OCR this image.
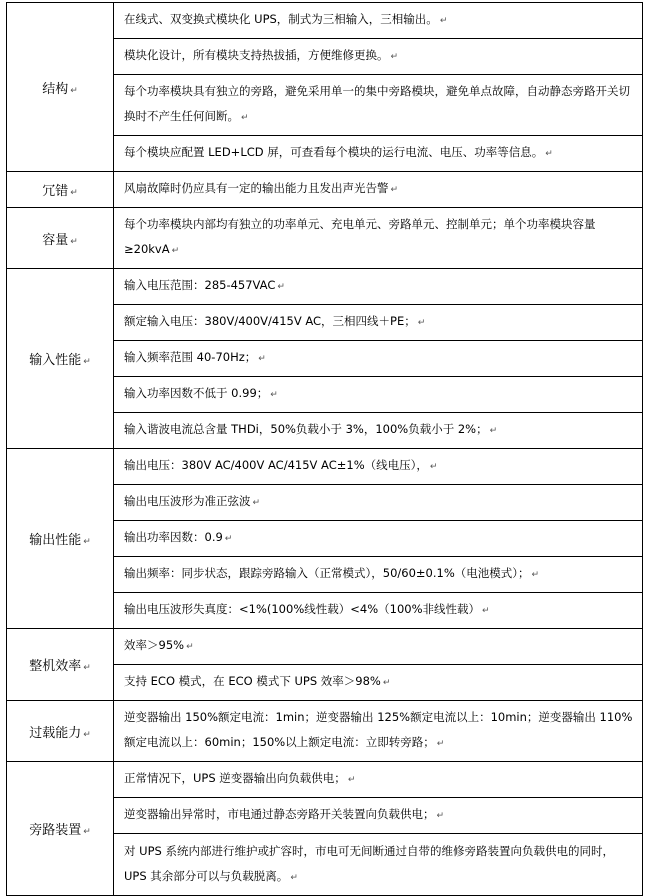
结构 ↵	在线式、双变换式模块化 UPS，制式为三相输入，三相输出。 ↵
	模块化设计，所有模块支持热拔插，方便维修更换。 ↵
	每个功率模块具有独立的旁路，避免采用单一的集中旁路模块，避免单点故障，自动静态旁路开关切换时不产生任何间断。 ↵
	每个模块应配置 LED+LCD 屏，可查看每个模块的运行电流、电压、功率等信息。 ↵
冗错 ↵	风扇故障时仍应具有一定的输出能力且发出声光告警 ↵
容量 ↵	每个功率模块内部均有独立的功率单元、充电单元、旁路单元、控制单元；单个功率模块容量≥20kvA ↵
输入性能 ↵	输入电压范围：285-457VAC ↵
	额定输入电压：380V/400V/415V AC，三相四线＋PE； ↵
	输入频率范围 40-70Hz； ↵
	输入功率因数不低于 0.99； ↵
	输入谐波电流总含量 THDi，50%负载小于 3%，100%负载小于 2%； ↵
输出性能 ↵	输出电压：380V AC/400V AC/415V AC±1%（线电压）， ↵
	输出电压波形为准正弦波 ↵
	输出功率因数：0.9 ↵
	输出频率：同步状态，跟踪旁路输入（正常模式），50/60±0.1%（电池模式）； ↵
	输出电压波形失真度：<1%(100%线性载）<4%（100%非线性载） ↵
整机效率 ↵	效率＞95% ↵
	支持 ECO 模式，在 ECO 模式下 UPS 效率＞98% ↵
过载能力 ↵	逆变器输出 150%额定电流：1min；逆变器输出 125%额定电流以上：10min；逆变器输出 110%额定电流以上：60min；150%以上额定电流：立即转旁路； ↵
旁路装置 ↵	正常情况下，UPS 逆变器输出向负载供电； ↵
	逆变器输出异常时，市电通过静态旁路开关装置向负载供电； ↵
	对 UPS 系统内部进行维护或扩容时，市电可无间断通过自带的维修旁路装置向负载供电的同时，UPS 其余部分可以与负载脱离。 ↵
